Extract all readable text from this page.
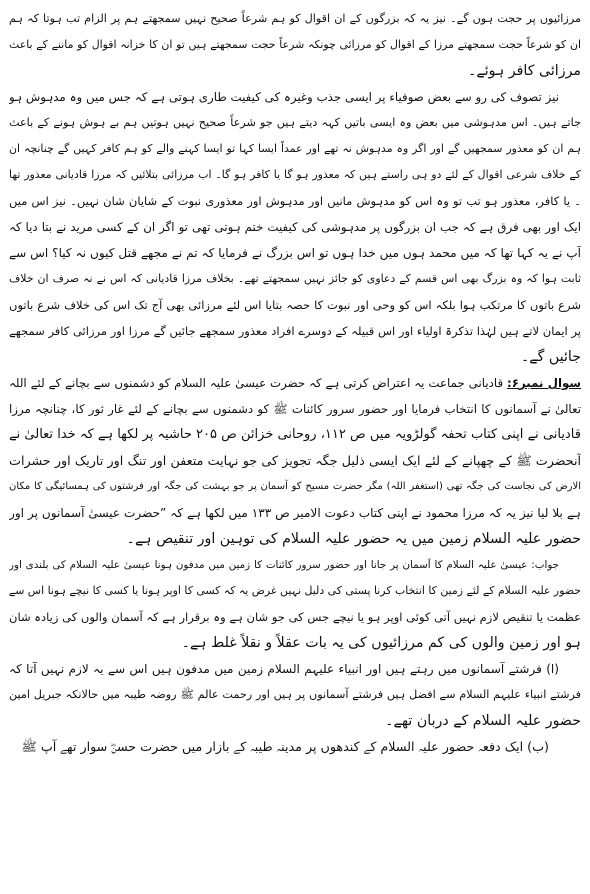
مرزائیوں پر حجت ہوں گے۔ نیز یہ کہ بزرگوں کے ان اقوال کو ہم شرعاً صحیح نہیں سمجھتے ہم پر الزام تب ہوتا کہ ہم
ان کو شرعاً حجت سمجھتے مرزا کے اقوال کو مرزائی چونکہ شرعاً حجت سمجھتے ہیں تو ان کا خزانہ اقوال کو ماننے کے باعث
مرزائی کافر ہوئے۔
نیز تصوف کی رو سے بعض صوفیاء پر ایسی جذب وغیرہ کی کیفیت طاری ہوتی ہے کہ جس میں وہ مدہوش ہو
جاتے ہیں۔ اس مدہوشی میں بعض وہ ایسی باتیں کہہ دیتے ہیں جو شرعاً صحیح نہیں ہوتیں ہم بے ہوش ہونے کے باعث
ہم ان کو معذور سمجھیں گے اور اگر وہ مدہوش نہ تھے اور عمداً ایسا کہا تو ایسا کہنے والے کو ہم کافر کہیں گے چنانچہ ان
کے خلاف شرعی اقوال کے لئے دو ہی راستے ہیں کہ معذور ہو گا یا کافر ہو گا۔ اب مرزائی بتلائیں کہ مرزا قادیانی معذور تھا
۔ یا کافر، معذور ہو تب تو وہ اس کو مدہوش مانیں اور مدہوش اور معذوری نبوت کے شایان شان نہیں۔ نیز اس میں
ایک اور بھی فرق ہے کہ جب ان بزرگوں پر مدہوشی کی کیفیت ختم ہوتی تھی تو اگر ان کے کسی مرید نے بتا دیا کہ
آپ نے یہ کہا تھا کہ میں محمد ہوں میں خدا ہوں تو اس بزرگ نے فرمایا کہ تم نے مجھے قتل کیوں نہ کیا؟ اس سے
ثابت ہوا کہ وہ بزرگ بھی اس قسم کے دعاوی کو جائز نہیں سمجھتے تھے۔ بخلاف مرزا قادیانی کہ اس نے نہ صرف ان خلاف
شرع باتوں کا مرتکب ہوا بلکہ اس کو وحی اور نبوت کا حصہ بتایا اس لئے مرزائی بھی آج تک اس کی خلاف شرع باتوں
پر ایمان لاتے ہیں لہٰذا تذکرۃ اولیاء اور اس قبیلہ کے دوسرے افراد معذور سمجھے جائیں گے مرزا اور مرزائی کافر سمجھے
جائیں گے۔
سوال نمبر۶: قادیانی جماعت یہ اعتراض کرتی ہے کہ حضرت عیسیٰ علیہ السلام کو دشمنوں سے بچانے کے لئے اللہ
تعالیٰ نے آسمانوں کا انتخاب فرمایا اور حضور سرور کائنات ﷺ کو دشمنوں سے بچانے کے لئے غار ثور کا، چنانچہ مرزا
قادیانی نے اپنی کتاب تحفہ گولڑویہ میں ص ۱۱۲، روحانی خزائن ص ۲۰۵ حاشیہ پر لکھا ہے کہ خدا تعالیٰ نے
آنحضرت ﷺ کے چھپانے کے لئے ایک ایسی ذلیل جگہ تجویز کی جو نہایت متعفن اور تنگ اور تاریک اور حشرات
الارض کی نجاست کی جگہ تھی (استغفر اللہ) مگر حضرت مسیح کو آسمان پر جو بہشت کی جگہ اور فرشتوں کی ہمسائیگی کا مکان
ہے بلا لیا نیز یہ کہ مرزا محمود نے اپنی کتاب دعوت الامیر ص ۱۳۳ میں لکھا ہے کہ ”حضرت عیسیٰ آسمانوں پر اور
حضور علیہ السلام زمین میں یہ حضور علیہ السلام کی توہین اور تنقیص ہے۔
جواب: عیسیٰ علیہ السلام کا آسمان پر جانا اور حضور سرور کائنات کا زمین میں مدفون ہونا عیسیٰ علیہ السلام کی بلندی اور
حضور علیہ السلام کے لئے زمین کا انتخاب کرنا پستی کی دلیل نہیں غرض یہ کہ کسی کا اوپر ہونا یا کسی کا نیچے ہونا اس سے
عظمت یا تنقیص لازم نہیں آتی کوئی اوپر ہو یا نیچے جس کی جو شان ہے وہ برقرار ہے کہ آسمان والوں کی زیادہ شان
ہو اور زمین والوں کی کم مرزائیوں کی یہ بات عقلاً و نقلاً غلط ہے۔
(ا) فرشتے آسمانوں میں رہتے ہیں اور انبیاء علیہم السلام زمین میں مدفون ہیں اس سے یہ لازم نہیں آتا کہ
فرشتے انبیاء علیہم السلام سے افضل ہیں فرشتے آسمانوں پر ہیں اور رحمت عالم ﷺ روضہ طیبہ میں حالانکہ جبریل امین
حضور علیہ السلام کے دربان تھے۔
(ب) ایک دفعہ حضور علیہ السلام کے کندھوں پر مدینہ طیبہ کے بازار میں حضرت حسنؓ سوار تھے آپ ﷺ
